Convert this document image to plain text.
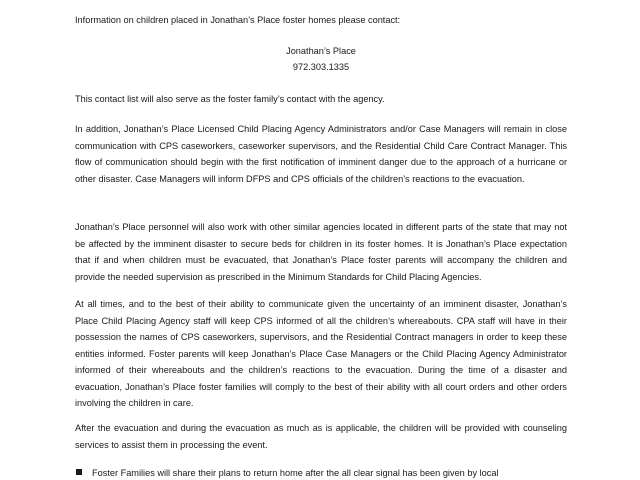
Information on children placed in Jonathan’s Place foster homes please contact:

Jonathan’s Place

972.303.1335

This contact list will also serve as the foster family’s contact with the agency.

In addition, Jonathan’s Place Licensed Child Placing Agency Administrators and/or Case Managers will remain in close communication with CPS caseworkers, caseworker supervisors, and the Residential Child Care Contract Manager. This flow of communication should begin with the first notification of imminent danger due to the approach of a hurricane or other disaster. Case Managers will inform DFPS and CPS officials of the children’s reactions to the evacuation.

Jonathan’s Place personnel will also work with other similar agencies located in different parts of the state that may not be affected by the imminent disaster to secure beds for children in its foster homes. It is Jonathan’s Place expectation that if and when children must be evacuated, that Jonathan’s Place foster parents will accompany the children and provide the needed supervision as prescribed in the Minimum Standards for Child Placing Agencies.

At all times, and to the best of their ability to communicate given the uncertainty of an imminent disaster, Jonathan’s Place Child Placing Agency staff will keep CPS informed of all the children’s whereabouts. CPA staff will have in their possession the names of CPS caseworkers, supervisors, and the Residential Contract managers in order to keep these entities informed. Foster parents will keep Jonathan’s Place Case Managers or the Child Placing Agency Administrator informed of their whereabouts and the children’s reactions to the evacuation. During the time of a disaster and evacuation, Jonathan’s Place foster families will comply to the best of their ability with all court orders and other orders involving the children in care.

After the evacuation and during the evacuation as much as is applicable, the children will be provided with counseling services to assist them in processing the event.

Foster Families will share their plans to return home after the all clear signal has been given by local
